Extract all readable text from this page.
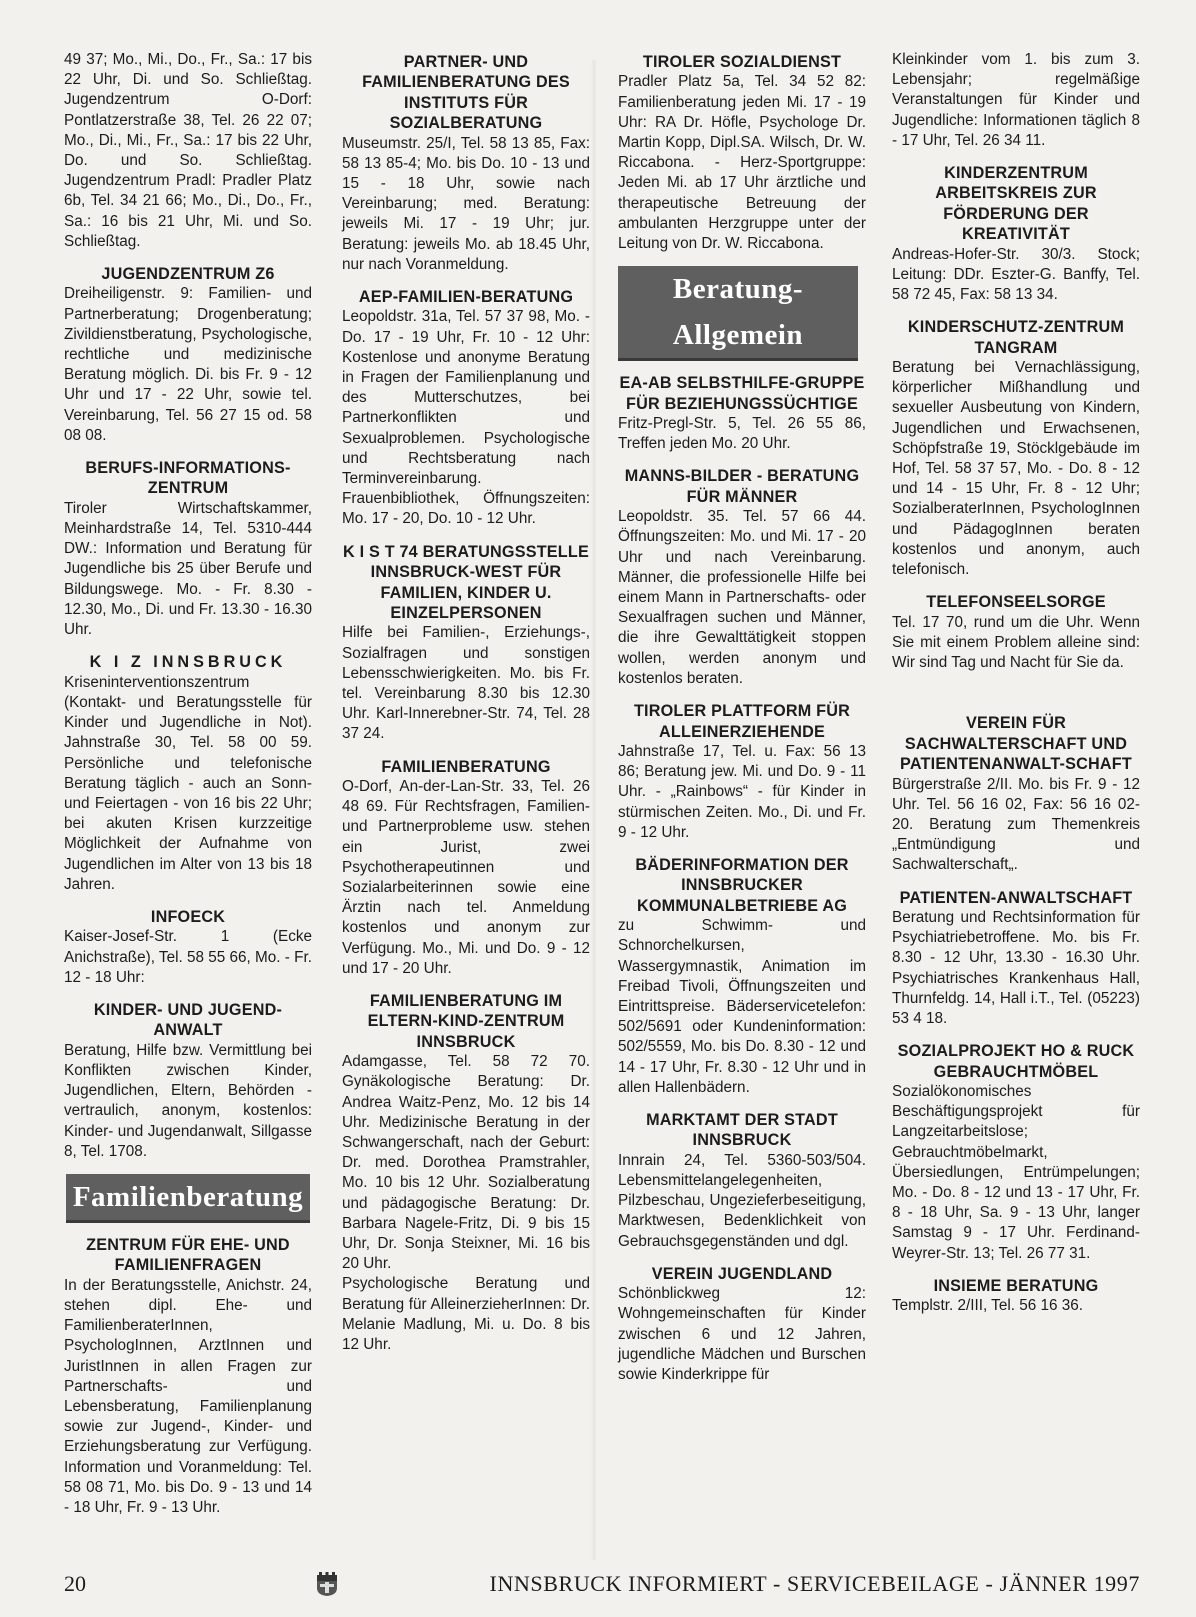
49 37; Mo., Mi., Do., Fr., Sa.: 17 bis 22 Uhr, Di. und So. Schließtag. Jugendzentrum O-Dorf: Pontlatzerstraße 38, Tel. 26 22 07; Mo., Di., Mi., Fr., Sa.: 17 bis 22 Uhr, Do. und So. Schließtag. Jugendzentrum Pradl: Pradler Platz 6b, Tel. 34 21 66; Mo., Di., Do., Fr., Sa.: 16 bis 21 Uhr, Mi. und So. Schließtag.

JUGENDZENTRUM Z6

Dreiheiligenstr. 9: Familien- und Partnerberatung; Drogenberatung; Zivildienstberatung, Psychologische, rechtliche und medizinische Beratung möglich. Di. bis Fr. 9 - 12 Uhr und 17 - 22 Uhr, sowie tel. Vereinbarung, Tel. 56 27 15 od. 58 08 08.

BERUFS-INFORMATIONS-ZENTRUM

Tiroler Wirtschaftskammer, Meinhardstraße 14, Tel. 5310-444 DW.: Information und Beratung für Jugendliche bis 25 über Berufe und Bildungswege. Mo. - Fr. 8.30 - 12.30, Mo., Di. und Fr. 13.30 - 16.30 Uhr.

K I Z INNSBRUCK

Kriseninterventionszentrum (Kontakt- und Beratungsstelle für Kinder und Jugendliche in Not). Jahnstraße 30, Tel. 58 00 59. Persönliche und telefonische Beratung täglich - auch an Sonn- und Feiertagen - von 16 bis 22 Uhr; bei akuten Krisen kurzzeitige Möglichkeit der Aufnahme von Jugendlichen im Alter von 13 bis 18 Jahren.

INFOECK

Kaiser-Josef-Str. 1 (Ecke Anichstraße), Tel. 58 55 66, Mo. - Fr. 12 - 18 Uhr:

KINDER- UND JUGEND-ANWALT

Beratung, Hilfe bzw. Vermittlung bei Konflikten zwischen Kinder, Jugendlichen, Eltern, Behörden - vertraulich, anonym, kostenlos: Kinder- und Jugendanwalt, Sillgasse 8, Tel. 1708.

Familienberatung
ZENTRUM FÜR EHE- UND FAMILIENFRAGEN

In der Beratungsstelle, Anichstr. 24, stehen dipl. Ehe- und FamilienberaterInnen, PsychologInnen, ArztInnen und JuristInnen in allen Fragen zur Partnerschafts- und Lebensberatung, Familienplanung sowie zur Jugend-, Kinder- und Erziehungsberatung zur Verfügung. Information und Voranmeldung: Tel. 58 08 71, Mo. bis Do. 9 - 13 und 14 - 18 Uhr, Fr. 9 - 13 Uhr.

PARTNER- UND FAMILIENBERATUNG DES INSTITUTS FÜR SOZIALBERATUNG

Museumstr. 25/I, Tel. 58 13 85, Fax: 58 13 85-4; Mo. bis Do. 10 - 13 und 15 - 18 Uhr, sowie nach Vereinbarung; med. Beratung: jeweils Mi. 17 - 19 Uhr; jur. Beratung: jeweils Mo. ab 18.45 Uhr, nur nach Voranmeldung.

AEP-FAMILIEN-BERATUNG

Leopoldstr. 31a, Tel. 57 37 98, Mo. - Do. 17 - 19 Uhr, Fr. 10 - 12 Uhr: Kostenlose und anonyme Beratung in Fragen der Familienplanung und des Mutterschutzes, bei Partnerkonflikten und Sexualproblemen. Psychologische und Rechtsberatung nach Terminvereinbarung. Frauenbibliothek, Öffnungszeiten: Mo. 17 - 20, Do. 10 - 12 Uhr.

K I S T 74 BERATUNGSSTELLE INNSBRUCK-WEST FÜR FAMILIEN, KINDER U. EINZELPERSONEN

Hilfe bei Familien-, Erziehungs-, Sozialfragen und sonstigen Lebensschwierigkeiten. Mo. bis Fr. tel. Vereinbarung 8.30 bis 12.30 Uhr. Karl-Innerebner-Str. 74, Tel. 28 37 24.

FAMILIENBERATUNG

O-Dorf, An-der-Lan-Str. 33, Tel. 26 48 69. Für Rechtsfragen, Familien- und Partnerprobleme usw. stehen ein Jurist, zwei Psychotherapeutinnen und Sozialarbeiterinnen sowie eine Ärztin nach tel. Anmeldung kostenlos und anonym zur Verfügung. Mo., Mi. und Do. 9 - 12 und 17 - 20 Uhr.

FAMILIENBERATUNG IM ELTERN-KIND-ZENTRUM INNSBRUCK

Adamgasse, Tel. 58 72 70. Gynäkologische Beratung: Dr. Andrea Waitz-Penz, Mo. 12 bis 14 Uhr. Medizinische Beratung in der Schwangerschaft, nach der Geburt: Dr. med. Dorothea Pramstrahler, Mo. 10 bis 12 Uhr. Sozialberatung und pädagogische Beratung: Dr. Barbara Nagele-Fritz, Di. 9 bis 15 Uhr, Dr. Sonja Steixner, Mi. 16 bis 20 Uhr.

Psychologische Beratung und Beratung für AlleinerzieherInnen: Dr. Melanie Madlung, Mi. u. Do. 8 bis 12 Uhr.

TIROLER SOZIALDIENST

Pradler Platz 5a, Tel. 34 52 82: Familienberatung jeden Mi. 17 - 19 Uhr: RA Dr. Höfle, Psychologe Dr. Martin Kopp, Dipl.SA. Wilsch, Dr. W. Riccabona. - Herz-Sportgruppe: Jeden Mi. ab 17 Uhr ärztliche und therapeutische Betreuung der ambulanten Herzgruppe unter der Leitung von Dr. W. Riccabona.

Beratung-Allgemein
EA-AB SELBSTHILFE-GRUPPE FÜR BEZIEHUNGSSÜCHTIGE

Fritz-Pregl-Str. 5, Tel. 26 55 86, Treffen jeden Mo. 20 Uhr.

MANNS-BILDER - BERATUNG FÜR MÄNNER

Leopoldstr. 35. Tel. 57 66 44. Öffnungszeiten: Mo. und Mi. 17 - 20 Uhr und nach Vereinbarung. Männer, die professionelle Hilfe bei einem Mann in Partnerschafts- oder Sexualfragen suchen und Männer, die ihre Gewalttätigkeit stoppen wollen, werden anonym und kostenlos beraten.

TIROLER PLATTFORM FÜR ALLEINERZIEHENDE

Jahnstraße 17, Tel. u. Fax: 56 13 86; Beratung jew. Mi. und Do. 9 - 11 Uhr. - „Rainbows“ - für Kinder in stürmischen Zeiten. Mo., Di. und Fr. 9 - 12 Uhr.

BÄDERINFORMATION DER INNSBRUCKER KOMMUNALBETRIEBE AG

zu Schwimm- und Schnorchelkursen, Wassergymnastik, Animation im Freibad Tivoli, Öffnungszeiten und Eintrittspreise. Bäderservicetelefon: 502/5691 oder Kundeninformation: 502/5559, Mo. bis Do. 8.30 - 12 und 14 - 17 Uhr, Fr. 8.30 - 12 Uhr und in allen Hallenbädern.

MARKTAMT DER STADT INNSBRUCK

Innrain 24, Tel. 5360-503/504. Lebensmittelangelegenheiten, Pilzbeschau, Ungezieferbeseitigung, Marktwesen, Bedenklichkeit von Gebrauchsgegenständen und dgl.

VEREIN JUGENDLAND

Schönblickweg 12: Wohngemeinschaften für Kinder zwischen 6 und 12 Jahren, jugendliche Mädchen und Burschen sowie Kinderkrippe für

Kleinkinder vom 1. bis zum 3. Lebensjahr; regelmäßige Veranstaltungen für Kinder und Jugendliche: Informationen täglich 8 - 17 Uhr, Tel. 26 34 11.

KINDERZENTRUM ARBEITSKREIS ZUR FÖRDERUNG DER KREATIVITÄT

Andreas-Hofer-Str. 30/3. Stock; Leitung: DDr. Eszter-G. Banffy, Tel. 58 72 45, Fax: 58 13 34.

KINDERSCHUTZ-ZENTRUM TANGRAM

Beratung bei Vernachlässigung, körperlicher Mißhandlung und sexueller Ausbeutung von Kindern, Jugendlichen und Erwachsenen, Schöpfstraße 19, Stöcklgebäude im Hof, Tel. 58 37 57, Mo. - Do. 8 - 12 und 14 - 15 Uhr, Fr. 8 - 12 Uhr; SozialberaterInnen, PsychologInnen und PädagogInnen beraten kostenlos und anonym, auch telefonisch.

TELEFONSEELSORGE

Tel. 17 70, rund um die Uhr. Wenn Sie mit einem Problem alleine sind: Wir sind Tag und Nacht für Sie da.

VEREIN FÜR SACHWALTERSCHAFT UND PATIENTENANWALT-SCHAFT

Bürgerstraße 2/II. Mo. bis Fr. 9 - 12 Uhr. Tel. 56 16 02, Fax: 56 16 02-20. Beratung zum Themenkreis „Entmündigung und Sachwalterschaft„.

PATIENTEN-ANWALTSCHAFT

Beratung und Rechtsinformation für Psychiatriebetroffene. Mo. bis Fr. 8.30 - 12 Uhr, 13.30 - 16.30 Uhr. Psychiatrisches Krankenhaus Hall, Thurnfeldg. 14, Hall i.T., Tel. (05223) 53 4 18.

SOZIALPROJEKT HO & RUCK GEBRAUCHTMÖBEL

Sozialökonomisches Beschäftigungsprojekt für Langzeitarbeitslose; Gebrauchtmöbelmarkt, Übersiedlungen, Entrümpelungen; Mo. - Do. 8 - 12 und 13 - 17 Uhr, Fr. 8 - 18 Uhr, Sa. 9 - 13 Uhr, langer Samstag 9 - 17 Uhr. Ferdinand-Weyrer-Str. 13; Tel. 26 77 31.

INSIEME BERATUNG

Templstr. 2/III, Tel. 56 16 36.

20	INNSBRUCK INFORMIERT - SERVICEBEILAGE - JÄNNER 1997
